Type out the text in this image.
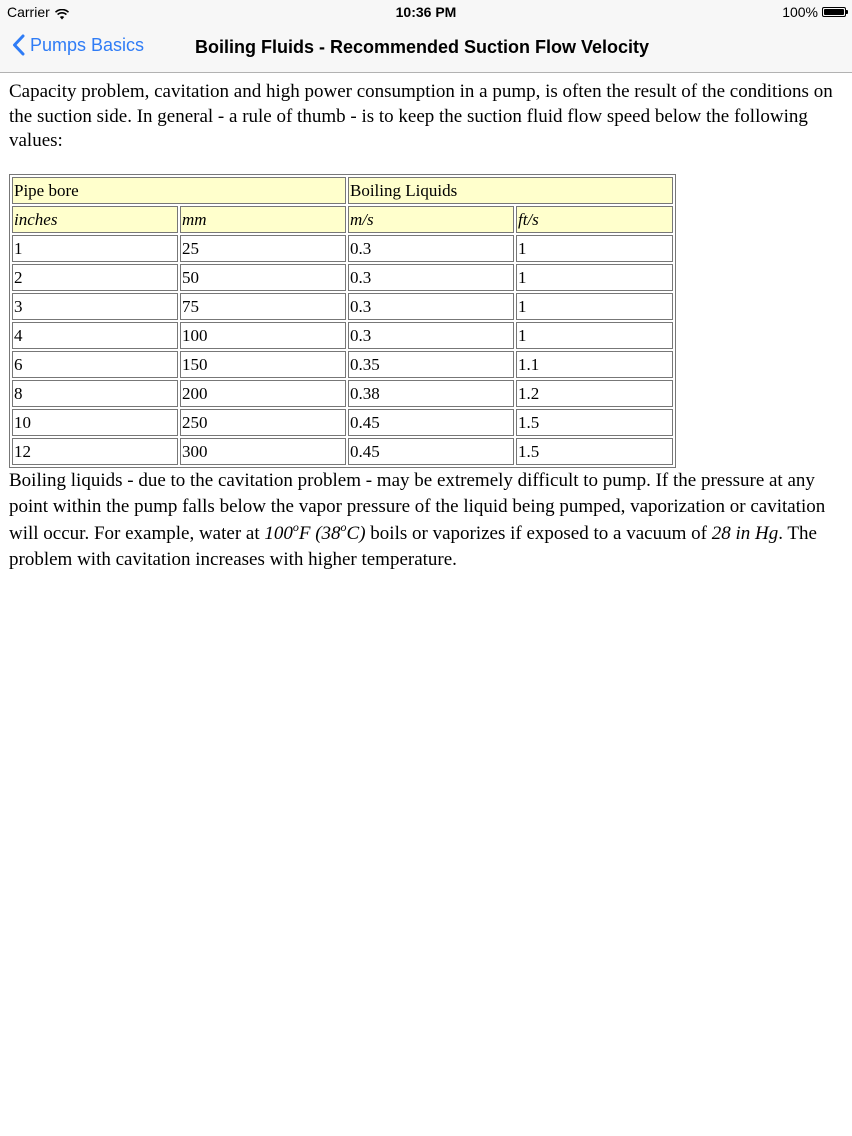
Carrier	10:36 PM	100%
Pumps Basics	Boiling Fluids - Recommended Suction Flow Velocity

Capacity problem, cavitation and high power consumption in a pump, is often the result of the conditions on the suction side. In general - a rule of thumb - is to keep the suction fluid flow speed below the following values:

Pipe bore		Boiling Liquids	
inches	mm	m/s	ft/s
1	25	0.3	1
2	50	0.3	1
3	75	0.3	1
4	100	0.3	1
6	150	0.35	1.1
8	200	0.38	1.2
10	250	0.45	1.5
12	300	0.45	1.5

Boiling liquids - due to the cavitation problem - may be extremely difficult to pump. If the pressure at any point within the pump falls below the vapor pressure of the liquid being pumped, vaporization or cavitation will occur. For example, water at 100$^o$F (38$^o$C) boils or vaporizes if exposed to a vacuum of 28 in Hg. The problem with cavitation increases with higher temperature.
